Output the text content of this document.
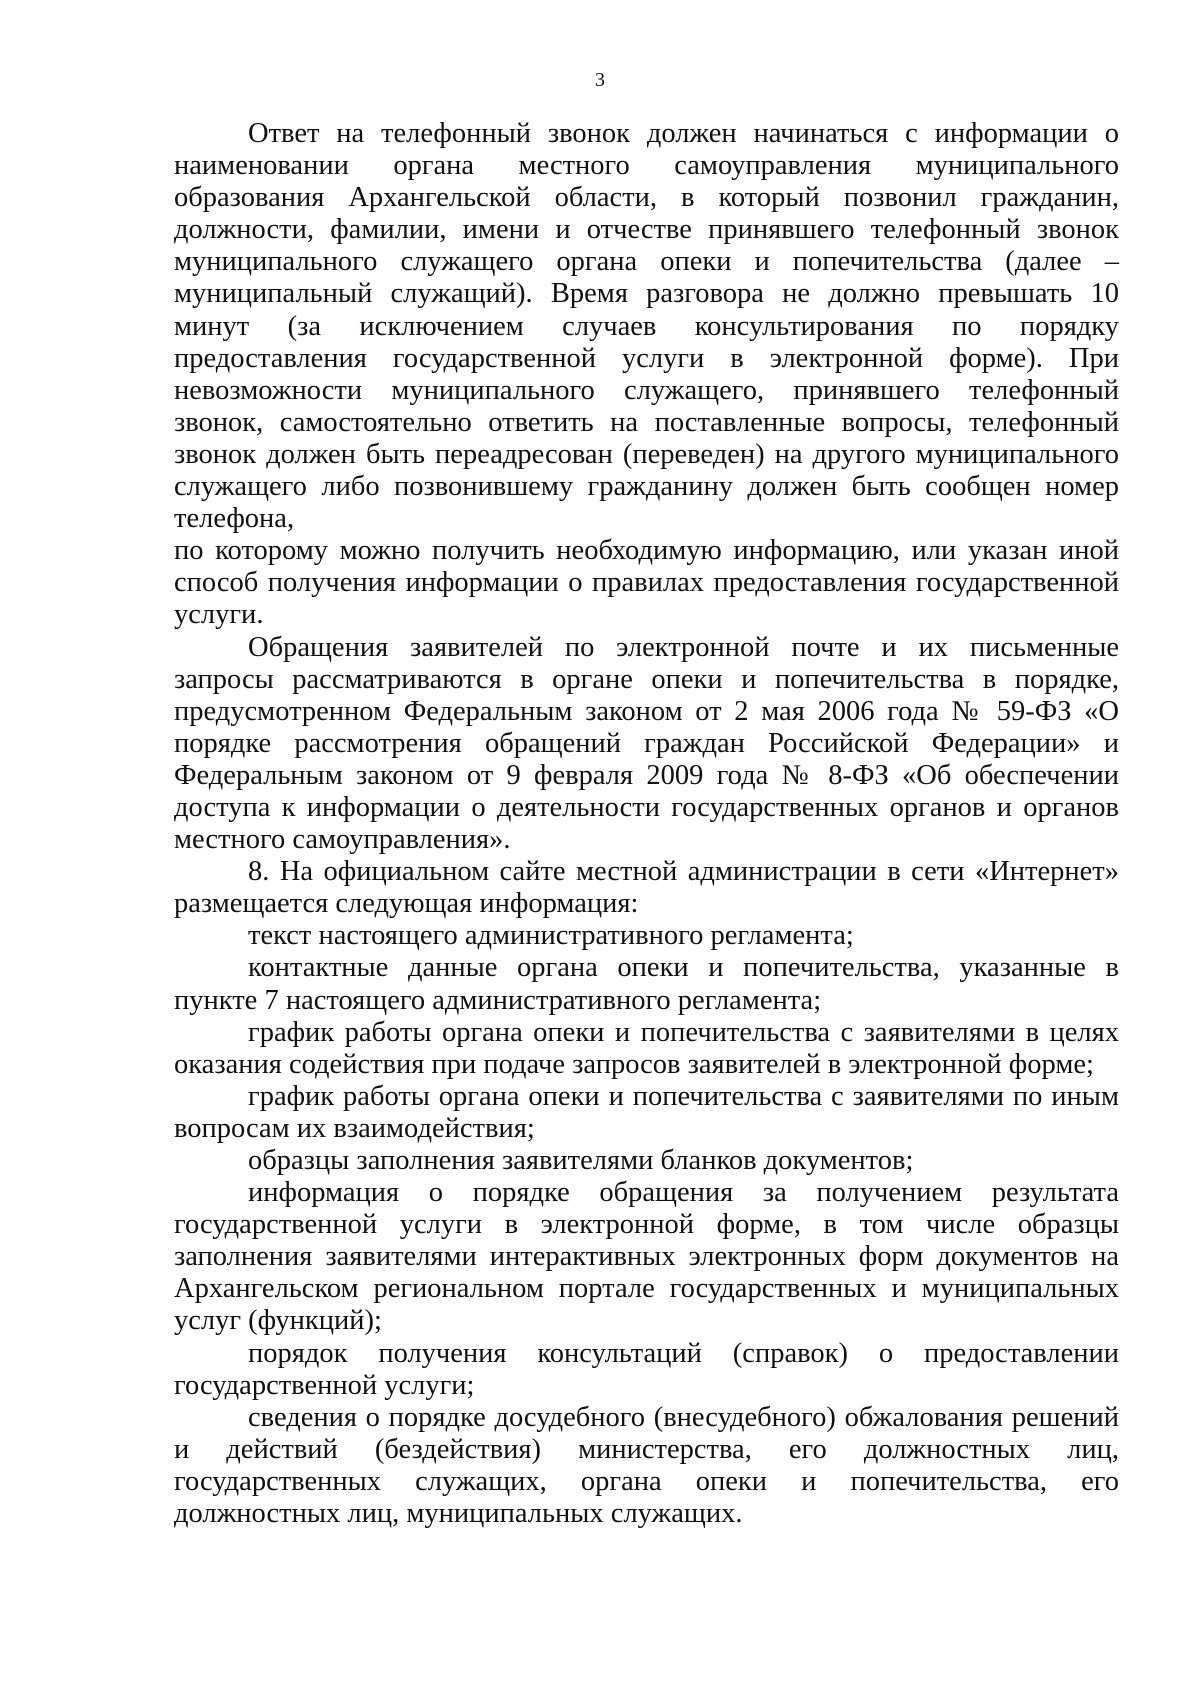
3

Ответ на телефонный звонок должен начинаться с информации о наименовании органа местного самоуправления муниципального образования Архангельской области, в который позвонил гражданин, должности, фамилии, имени и отчестве принявшего телефонный звонок муниципального служащего органа опеки и попечительства (далее – муниципальный служащий). Время разговора не должно превышать 10 минут (за исключением случаев консультирования по порядку предоставления государственной услуги в электронной форме). При невозможности муниципального служащего, принявшего телефонный звонок, самостоятельно ответить на поставленные вопросы, телефонный звонок должен быть переадресован (переведен) на другого муниципального служащего либо позвонившему гражданину должен быть сообщен номер телефона,

по которому можно получить необходимую информацию, или указан иной способ получения информации о правилах предоставления государственной услуги.

Обращения заявителей по электронной почте и их письменные запросы рассматриваются в органе опеки и попечительства в порядке, предусмотренном Федеральным законом от 2 мая 2006 года № 59-ФЗ «О порядке рассмотрения обращений граждан Российской Федерации» и Федеральным законом от 9 февраля 2009 года № 8-ФЗ «Об обеспечении доступа к информации о деятельности государственных органов и органов местного самоуправления».

8. На официальном сайте местной администрации в сети «Интернет» размещается следующая информация:

текст настоящего административного регламента;

контактные данные органа опеки и попечительства, указанные в пункте 7 настоящего административного регламента;

график работы органа опеки и попечительства с заявителями в целях оказания содействия при подаче запросов заявителей в электронной форме;

график работы органа опеки и попечительства с заявителями по иным вопросам их взаимодействия;

образцы заполнения заявителями бланков документов;

информация о порядке обращения за получением результата государственной услуги в электронной форме, в том числе образцы заполнения заявителями интерактивных электронных форм документов на Архангельском региональном портале государственных и муниципальных услуг (функций);

порядок получения консультаций (справок) о предоставлении государственной услуги;

сведения о порядке досудебного (внесудебного) обжалования решений и действий (бездействия) министерства, его должностных лиц, государственных служащих, органа опеки и попечительства, его должностных лиц, муниципальных служащих.
